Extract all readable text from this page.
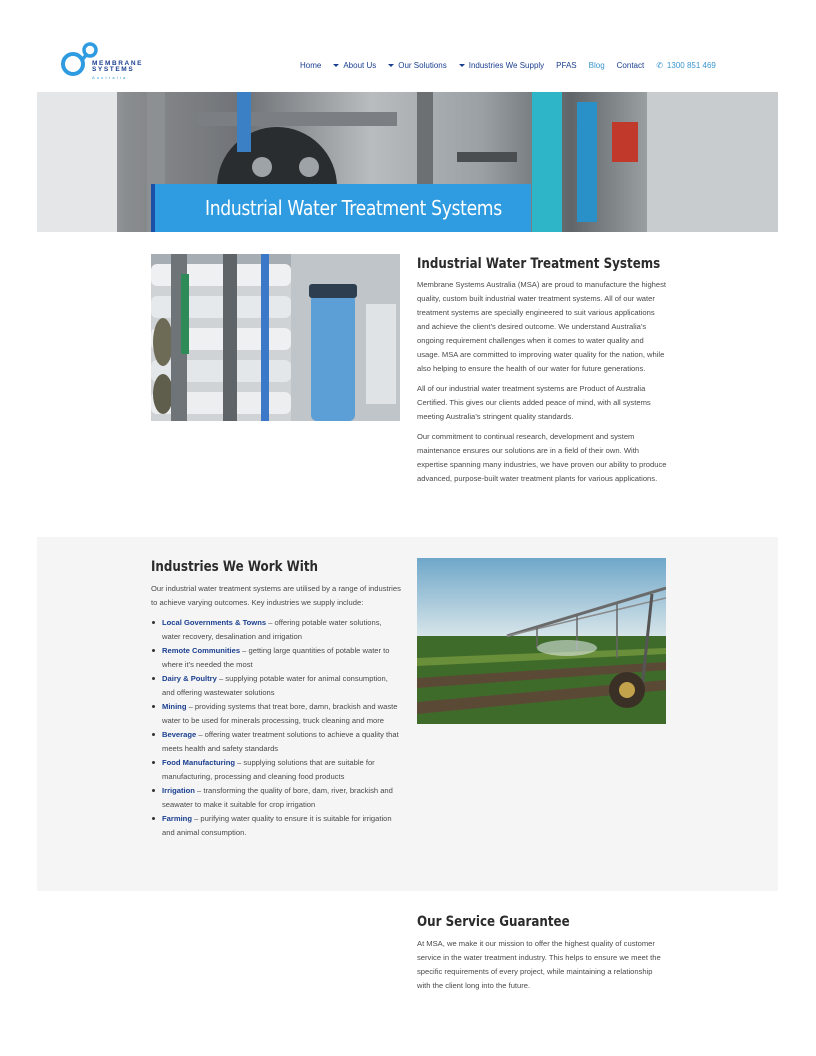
MEMBRANE
SYSTEMS
Australia
Home	About Us	Our Solutions	Industries We Supply PFAS Blog Contact ✆ 1300 851 469
Industrial Water Treatment Systems
Industrial Water Treatment Systems

Membrane Systems Australia (MSA) are proud to manufacture the highest quality, custom built industrial water treatment systems. All of our water treatment systems are specially engineered to suit various applications and achieve the client’s desired outcome. We understand Australia’s ongoing requirement challenges when it comes to water quality and usage. MSA are committed to improving water quality for the nation, while also helping to ensure the health of our water for future generations.

All of our industrial water treatment systems are Product of Australia Certified. This gives our clients added peace of mind, with all systems meeting Australia’s stringent quality standards.

Our commitment to continual research, development and system maintenance ensures our solutions are in a field of their own. With expertise spanning many industries, we have proven our ability to produce advanced, purpose-built water treatment plants for various applications.

Industries We Work With

Our industrial water treatment systems are utilised by a range of industries to achieve varying outcomes. Key industries we supply include:

Local Governments & Towns – offering potable water solutions, water recovery, desalination and irrigation
Remote Communities – getting large quantities of potable water to where it’s needed the most
Dairy & Poultry – supplying potable water for animal consumption, and offering wastewater solutions
Mining – providing systems that treat bore, damn, brackish and waste water to be used for minerals processing, truck cleaning and more
Beverage – offering water treatment solutions to achieve a quality that meets health and safety standards
Food Manufacturing – supplying solutions that are suitable for manufacturing, processing and cleaning food products
Irrigation – transforming the quality of bore, dam, river, brackish and seawater to make it suitable for crop irrigation
Farming – purifying water quality to ensure it is suitable for irrigation and animal consumption.
Our Service Guarantee

At MSA, we make it our mission to offer the highest quality of customer service in the water treatment industry. This helps to ensure we meet the specific requirements of every project, while maintaining a relationship with the client long into the future.
